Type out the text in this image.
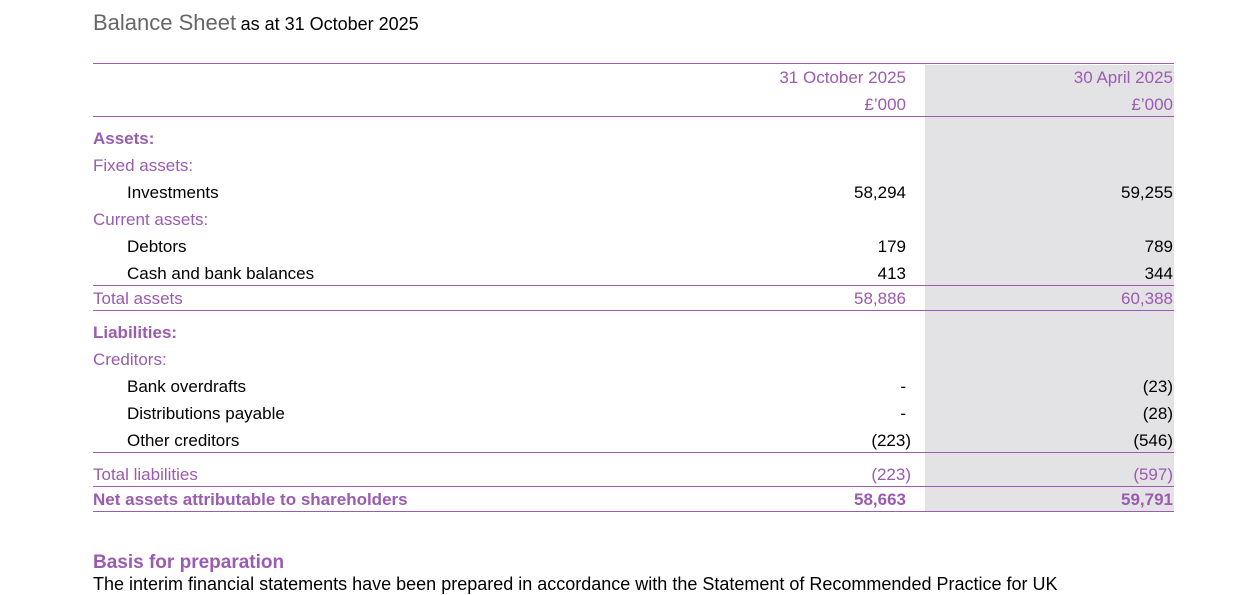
Balance Sheet as at 31 October 2025
31 October 2025	30 April 2025
£’000	£’000
Assets:
Fixed assets:
Investments	58,294	59,255
Current assets:
Debtors	179	789
Cash and bank balances	413	344
Total assets	58,886	60,388
Liabilities:
Creditors:
Bank overdrafts	-	(23)
Distributions payable	-	(28)
Other creditors	(223)	(546)
Total liabilities	(223)	(597)
Net assets attributable to shareholders	58,663	59,791
Basis for preparation
The interim financial statements have been prepared in accordance with the Statement of Recommended Practice for UK
